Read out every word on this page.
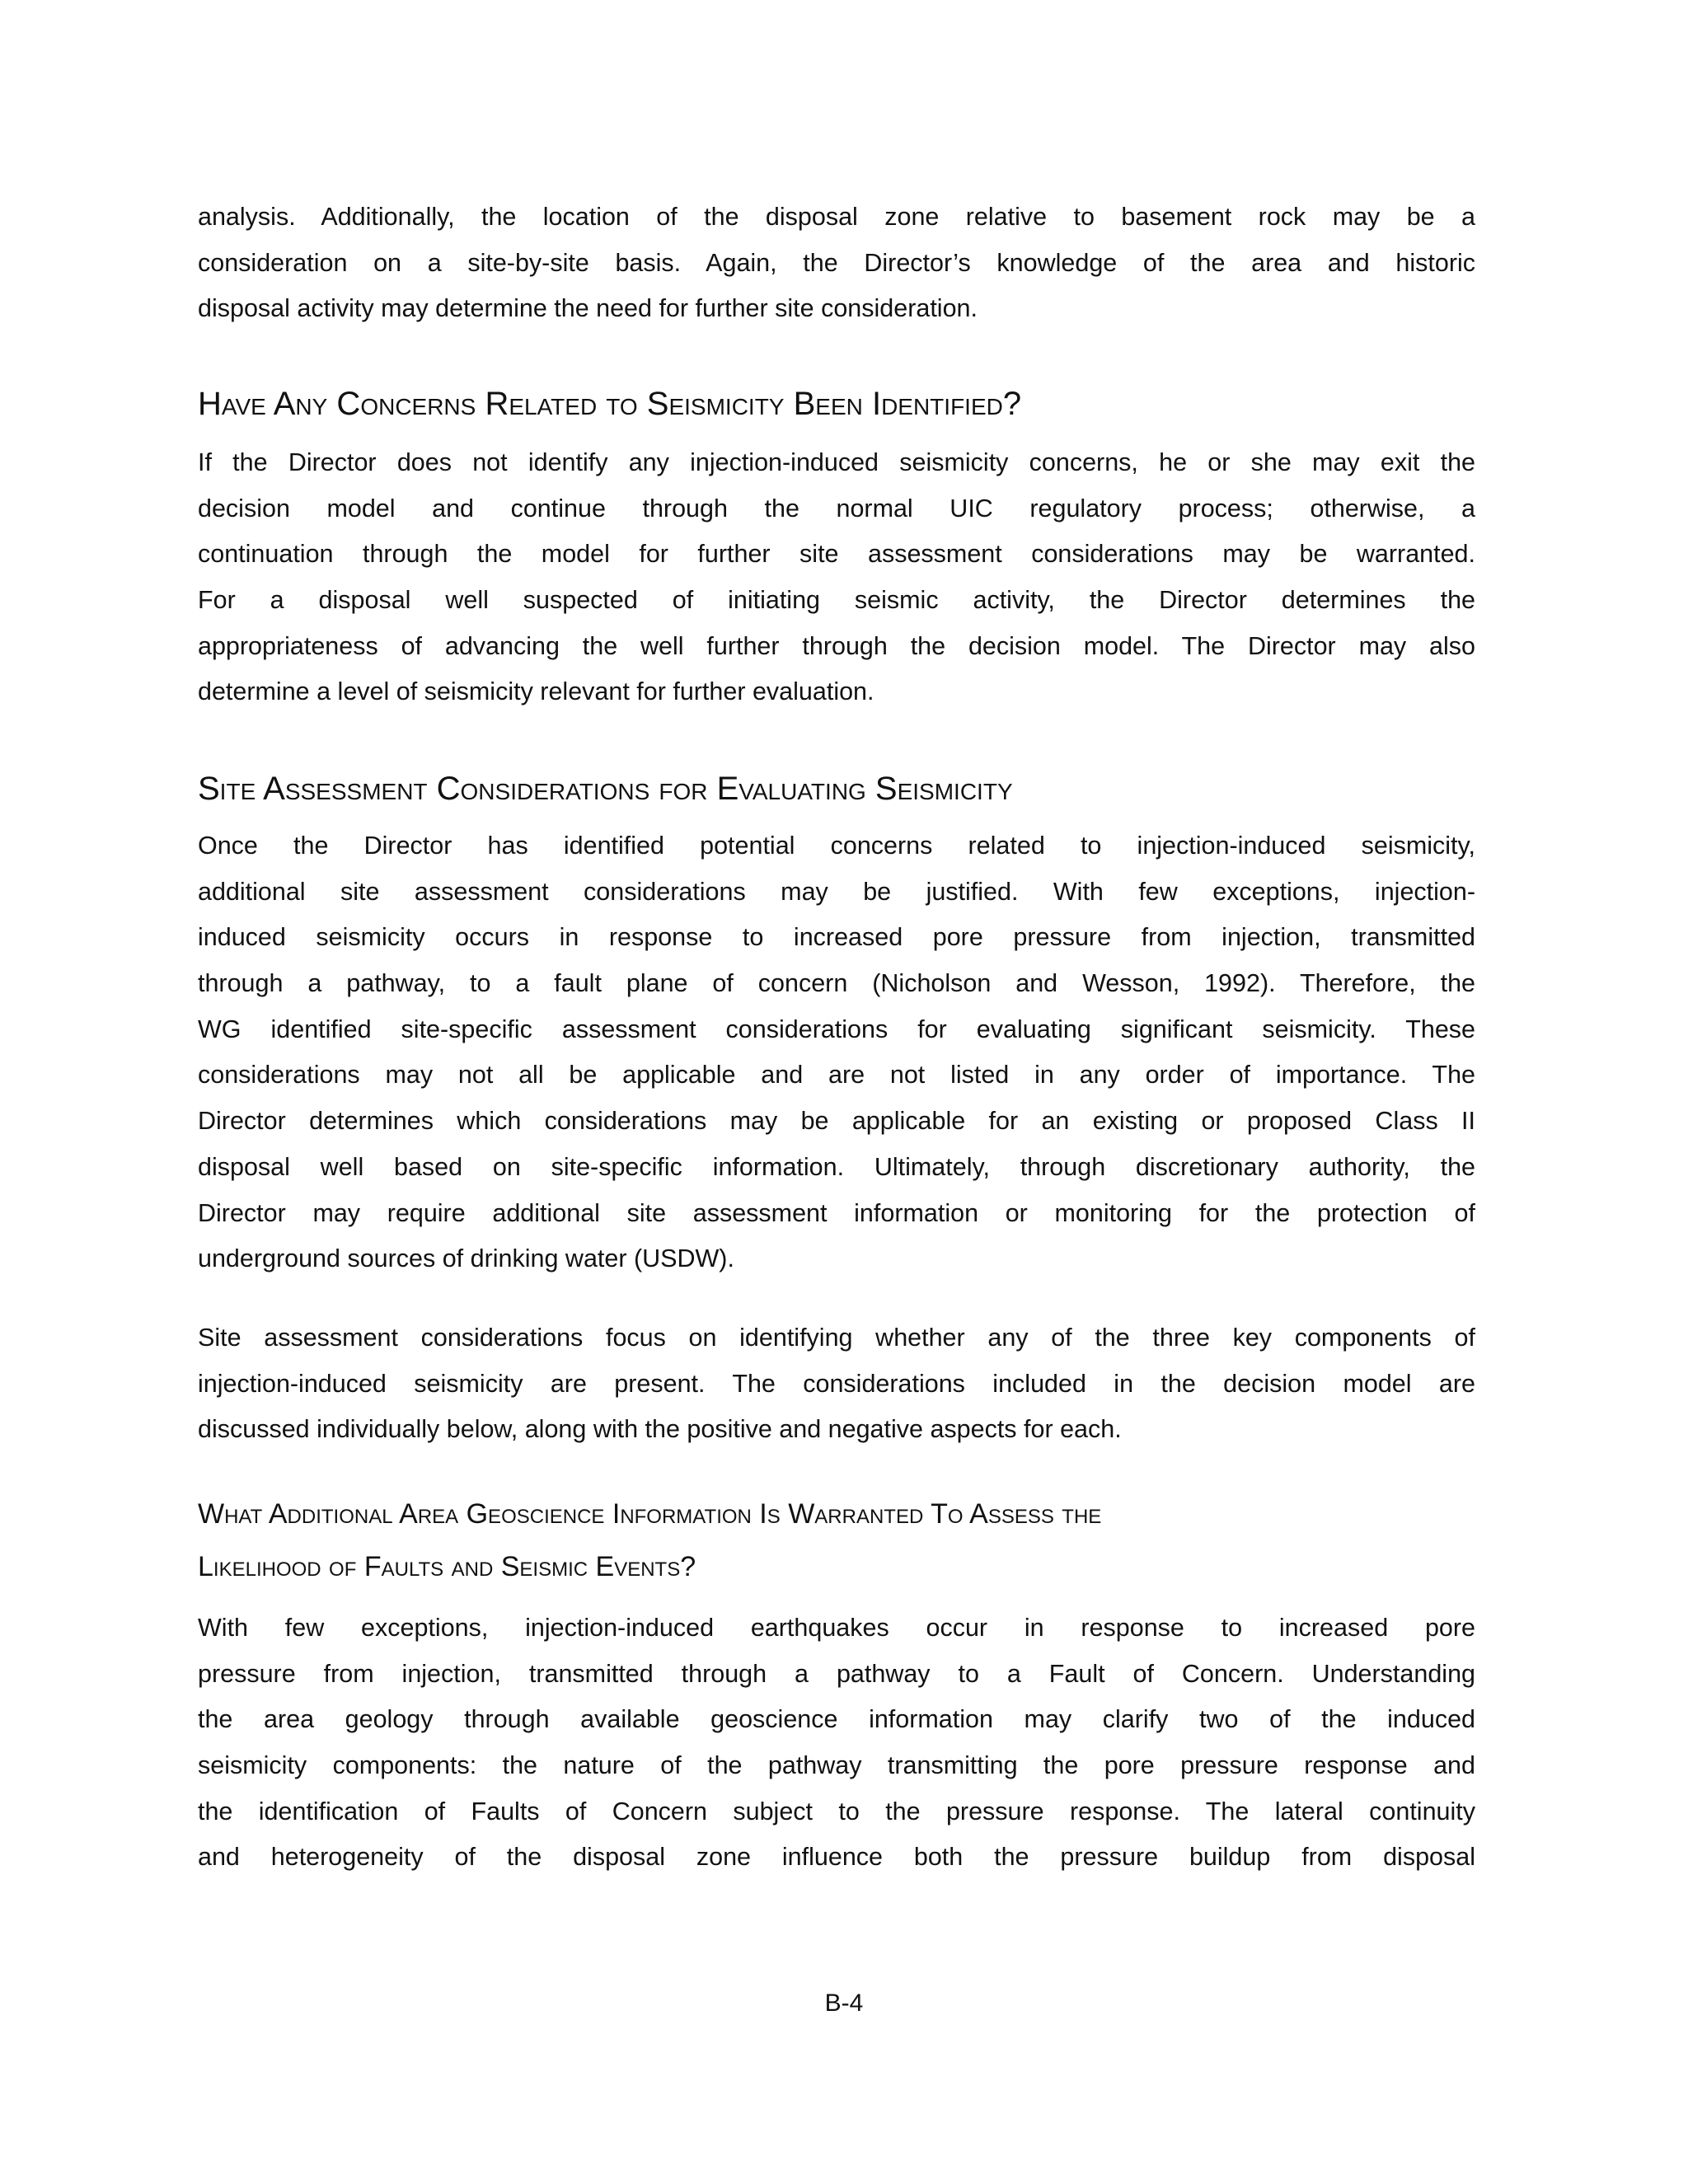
analysis. Additionally, the location of the disposal zone relative to basement rock may be a
consideration on a site-by-site basis. Again, the Director’s knowledge of the area and historic
disposal activity may determine the need for further site consideration.
Have Any Concerns Related to Seismicity Been Identified?
If the Director does not identify any injection-induced seismicity concerns, he or she may exit the
decision model and continue through the normal UIC regulatory process; otherwise, a
continuation through the model for further site assessment considerations may be warranted.
For a disposal well suspected of initiating seismic activity, the Director determines the
appropriateness of advancing the well further through the decision model. The Director may also
determine a level of seismicity relevant for further evaluation.
Site Assessment Considerations for Evaluating Seismicity
Once the Director has identified potential concerns related to injection-induced seismicity,
additional site assessment considerations may be justified. With few exceptions, injection-
induced seismicity occurs in response to increased pore pressure from injection, transmitted
through a pathway, to a fault plane of concern (Nicholson and Wesson, 1992). Therefore, the
WG identified site-specific assessment considerations for evaluating significant seismicity. These
considerations may not all be applicable and are not listed in any order of importance. The
Director determines which considerations may be applicable for an existing or proposed Class II
disposal well based on site-specific information. Ultimately, through discretionary authority, the
Director may require additional site assessment information or monitoring for the protection of
underground sources of drinking water (USDW).
Site assessment considerations focus on identifying whether any of the three key components of
injection-induced seismicity are present. The considerations included in the decision model are
discussed individually below, along with the positive and negative aspects for each.
What Additional Area Geoscience Information Is Warranted To Assess the
Likelihood of Faults and Seismic Events?
With few exceptions, injection-induced earthquakes occur in response to increased pore
pressure from injection, transmitted through a pathway to a Fault of Concern. Understanding
the area geology through available geoscience information may clarify two of the induced
seismicity components: the nature of the pathway transmitting the pore pressure response and
the identification of Faults of Concern subject to the pressure response. The lateral continuity
and heterogeneity of the disposal zone influence both the pressure buildup from disposal
B-4
